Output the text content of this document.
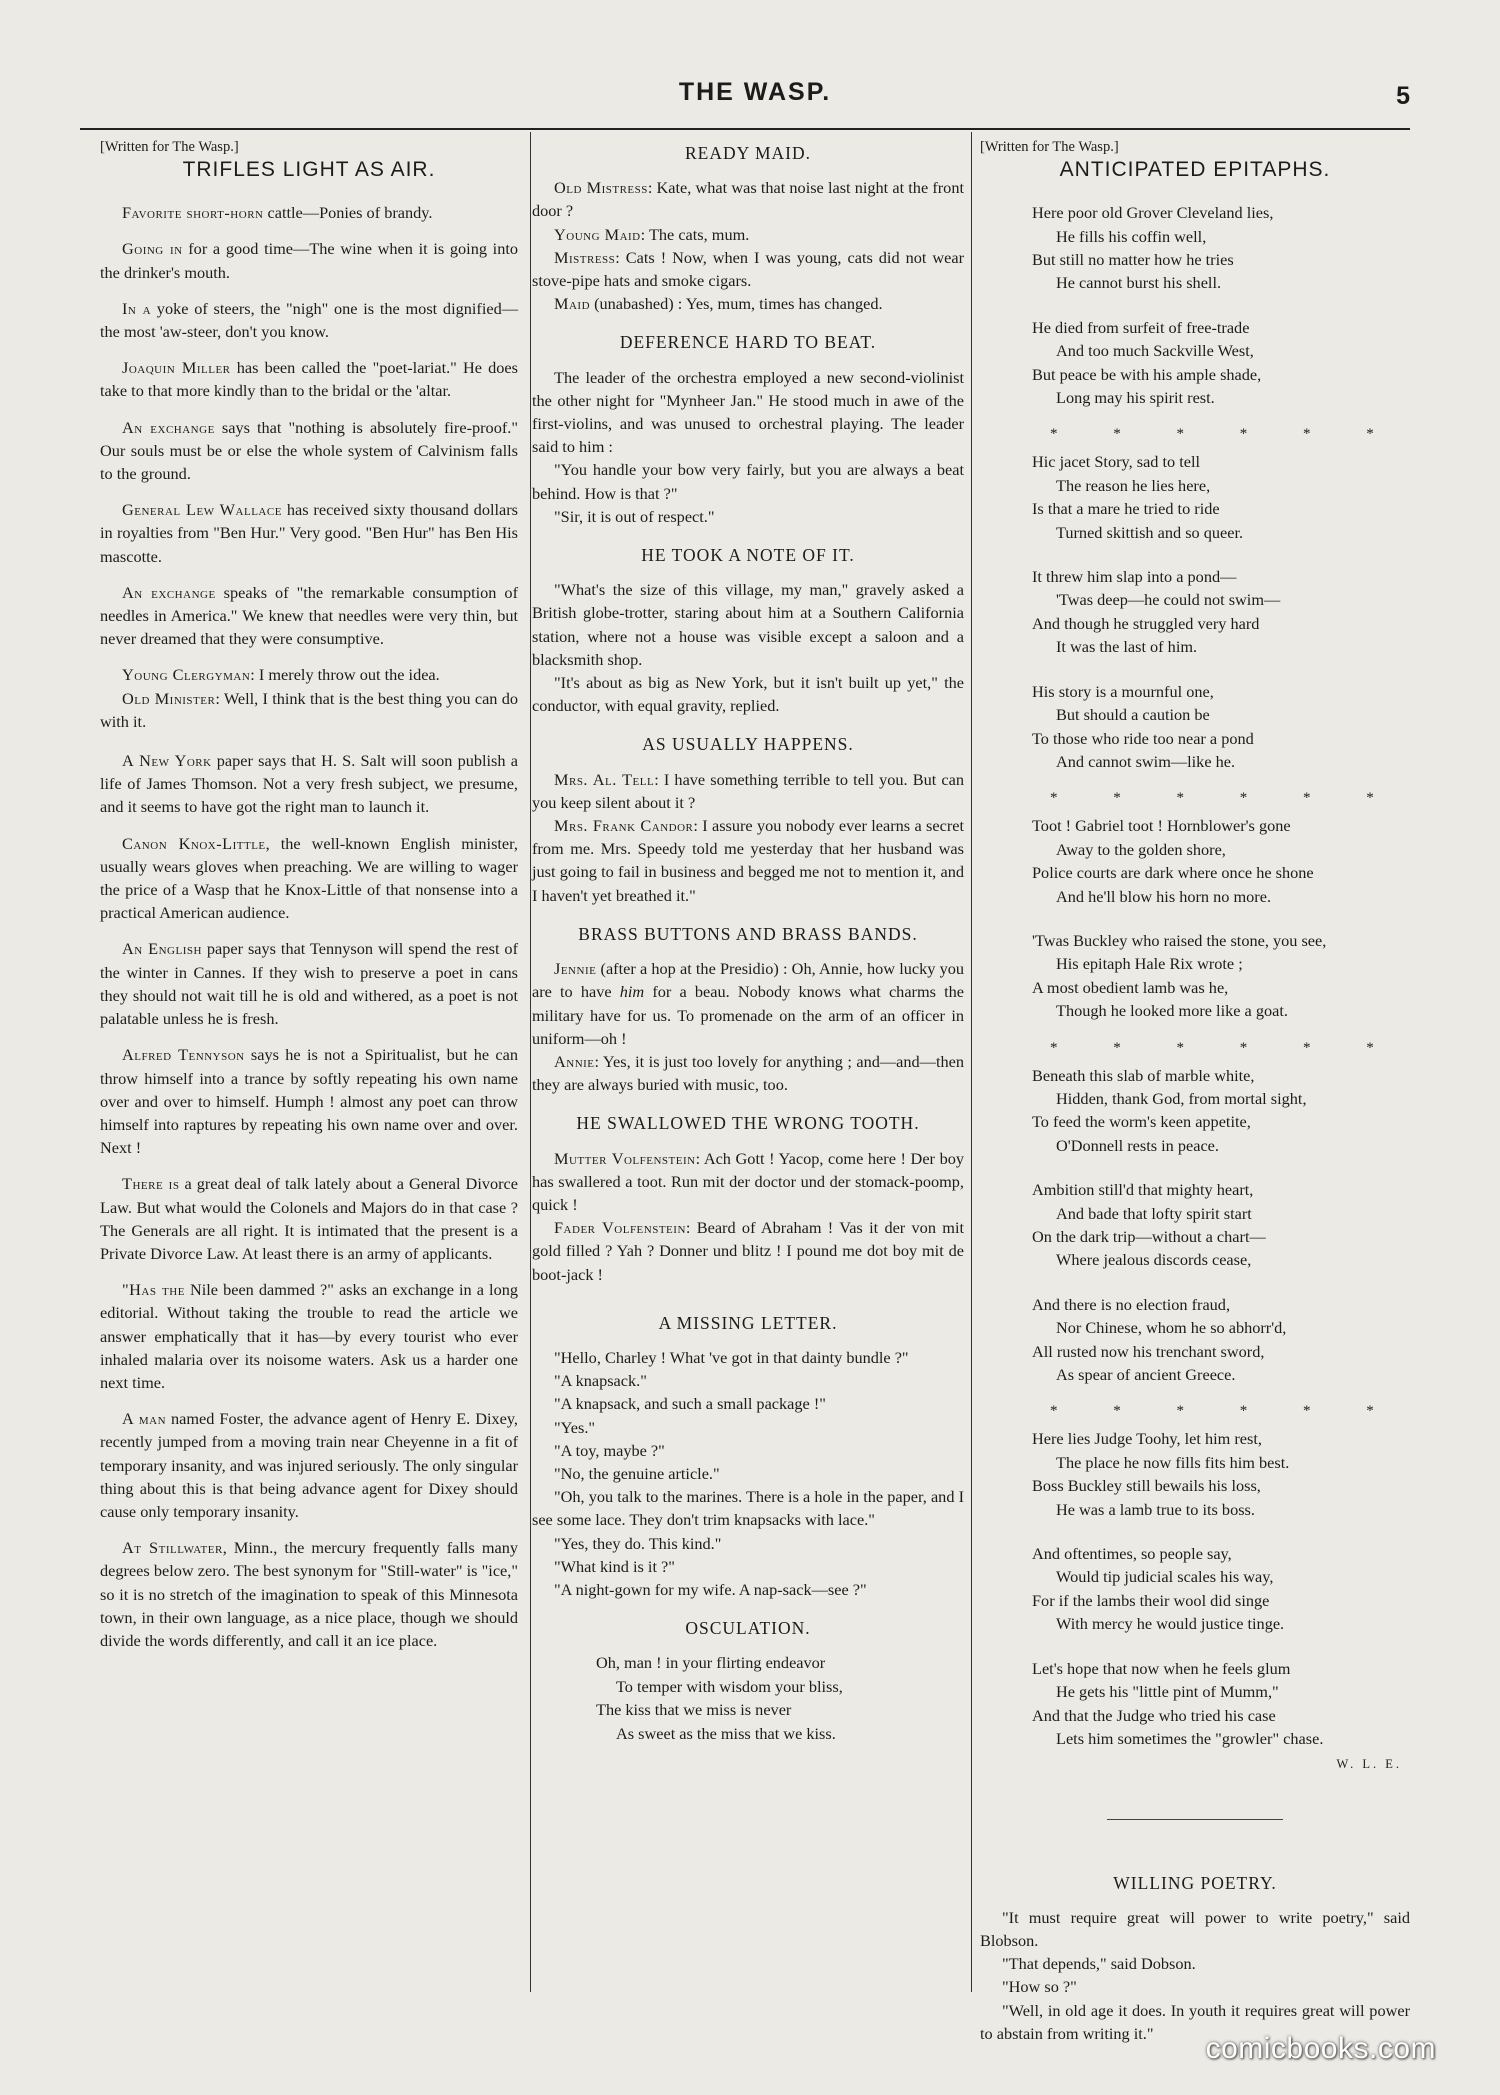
THE WASP.	5
[Written for The Wasp.]
TRIFLES LIGHT AS AIR.

Favorite short-horn cattle—Ponies of brandy.

Going in for a good time—The wine when it is going into the drinker's mouth.

In a yoke of steers, the "nigh" one is the most dignified—the most 'aw-steer, don't you know.

Joaquin Miller has been called the "poet-lariat." He does take to that more kindly than to the bridal or the 'altar.

An exchange says that "nothing is absolutely fire-proof." Our souls must be or else the whole system of Calvinism falls to the ground.

General Lew Wallace has received sixty thousand dollars in royalties from "Ben Hur." Very good. "Ben Hur" has Ben His mascotte.

An exchange speaks of "the remarkable consumption of needles in America." We knew that needles were very thin, but never dreamed that they were consumptive.

Young Clergyman: I merely throw out the idea.

Old Minister: Well, I think that is the best thing you can do with it.

A New York paper says that H. S. Salt will soon publish a life of James Thomson. Not a very fresh subject, we presume, and it seems to have got the right man to launch it.

Canon Knox-Little, the well-known English minister, usually wears gloves when preaching. We are willing to wager the price of a Wasp that he Knox-Little of that nonsense into a practical American audience.

An English paper says that Tennyson will spend the rest of the winter in Cannes. If they wish to preserve a poet in cans they should not wait till he is old and withered, as a poet is not palatable unless he is fresh.

Alfred Tennyson says he is not a Spiritualist, but he can throw himself into a trance by softly repeating his own name over and over to himself. Humph ! almost any poet can throw himself into raptures by repeating his own name over and over. Next !

There is a great deal of talk lately about a General Divorce Law. But what would the Colonels and Majors do in that case ? The Generals are all right. It is intimated that the present is a Private Divorce Law. At least there is an army of applicants.

"Has the Nile been dammed ?" asks an exchange in a long editorial. Without taking the trouble to read the article we answer emphatically that it has—by every tourist who ever inhaled malaria over its noisome waters. Ask us a harder one next time.

A man named Foster, the advance agent of Henry E. Dixey, recently jumped from a moving train near Cheyenne in a fit of temporary insanity, and was injured seriously. The only singular thing about this is that being advance agent for Dixey should cause only temporary insanity.

At Stillwater, Minn., the mercury frequently falls many degrees below zero. The best synonym for "Still-water" is "ice," so it is no stretch of the imagination to speak of this Minnesota town, in their own language, as a nice place, though we should divide the words differently, and call it an ice place.

READY MAID.

Old Mistress: Kate, what was that noise last night at the front door ?

Young Maid: The cats, mum.

Mistress: Cats ! Now, when I was young, cats did not wear stove-pipe hats and smoke cigars.

Maid (unabashed) : Yes, mum, times has changed.

DEFERENCE HARD TO BEAT.

The leader of the orchestra employed a new second-violinist the other night for "Mynheer Jan." He stood much in awe of the first-violins, and was unused to orchestral playing. The leader said to him :

"You handle your bow very fairly, but you are always a beat behind. How is that ?"

"Sir, it is out of respect."

HE TOOK A NOTE OF IT.

"What's the size of this village, my man," gravely asked a British globe-trotter, staring about him at a Southern California station, where not a house was visible except a saloon and a blacksmith shop.

"It's about as big as New York, but it isn't built up yet," the conductor, with equal gravity, replied.

AS USUALLY HAPPENS.

Mrs. Al. Tell: I have something terrible to tell you. But can you keep silent about it ?

Mrs. Frank Candor: I assure you nobody ever learns a secret from me. Mrs. Speedy told me yesterday that her husband was just going to fail in business and begged me not to mention it, and I haven't yet breathed it."

BRASS BUTTONS AND BRASS BANDS.

Jennie (after a hop at the Presidio) : Oh, Annie, how lucky you are to have him for a beau. Nobody knows what charms the military have for us. To promenade on the arm of an officer in uniform—oh !

Annie: Yes, it is just too lovely for anything ; and—and—then they are always buried with music, too.

HE SWALLOWED THE WRONG TOOTH.

Mutter Volfenstein: Ach Gott ! Yacop, come here ! Der boy has swallered a toot. Run mit der doctor und der stomack-poomp, quick !

Fader Volfenstein: Beard of Abraham ! Vas it der von mit gold filled ? Yah ? Donner und blitz ! I pound me dot boy mit de boot-jack !

A MISSING LETTER.

"Hello, Charley ! What 've got in that dainty bundle ?"

"A knapsack."

"A knapsack, and such a small package !"

"Yes."

"A toy, maybe ?"

"No, the genuine article."

"Oh, you talk to the marines. There is a hole in the paper, and I see some lace. They don't trim knapsacks with lace."

"Yes, they do. This kind."

"What kind is it ?"

"A night-gown for my wife. A nap-sack—see ?"

OSCULATION.
Oh, man ! in your flirting endeavor
To temper with wisdom your bliss,
The kiss that we miss is never
As sweet as the miss that we kiss.
[Written for The Wasp.]
ANTICIPATED EPITAPHS.
Here poor old Grover Cleveland lies,
He fills his coffin well,
But still no matter how he tries
He cannot burst his shell.
He died from surfeit of free-trade
And too much Sackville West,
But peace be with his ample shade,
Long may his spirit rest.
* * * * * *
Hic jacet Story, sad to tell
The reason he lies here,
Is that a mare he tried to ride
Turned skittish and so queer.
It threw him slap into a pond—
'Twas deep—he could not swim—
And though he struggled very hard
It was the last of him.
His story is a mournful one,
But should a caution be
To those who ride too near a pond
And cannot swim—like he.
* * * * * *
Toot ! Gabriel toot ! Hornblower's gone
Away to the golden shore,
Police courts are dark where once he shone
And he'll blow his horn no more.
'Twas Buckley who raised the stone, you see,
His epitaph Hale Rix wrote ;
A most obedient lamb was he,
Though he looked more like a goat.
* * * * * *
Beneath this slab of marble white,
Hidden, thank God, from mortal sight,
To feed the worm's keen appetite,
O'Donnell rests in peace.
Ambition still'd that mighty heart,
And bade that lofty spirit start
On the dark trip—without a chart—
Where jealous discords cease,
And there is no election fraud,
Nor Chinese, whom he so abhorr'd,
All rusted now his trenchant sword,
As spear of ancient Greece.
* * * * * *
Here lies Judge Toohy, let him rest,
The place he now fills fits him best.
Boss Buckley still bewails his loss,
He was a lamb true to its boss.
And oftentimes, so people say,
Would tip judicial scales his way,
For if the lambs their wool did singe
With mercy he would justice tinge.
Let's hope that now when he feels glum
He gets his "little pint of Mumm,"
And that the Judge who tried his case
Lets him sometimes the "growler" chase.
W. L. E.
WILLING POETRY.

"It must require great will power to write poetry," said Blobson.

"That depends," said Dobson.

"How so ?"

"Well, in old age it does. In youth it requires great will power to abstain from writing it."	comicbooks.com
